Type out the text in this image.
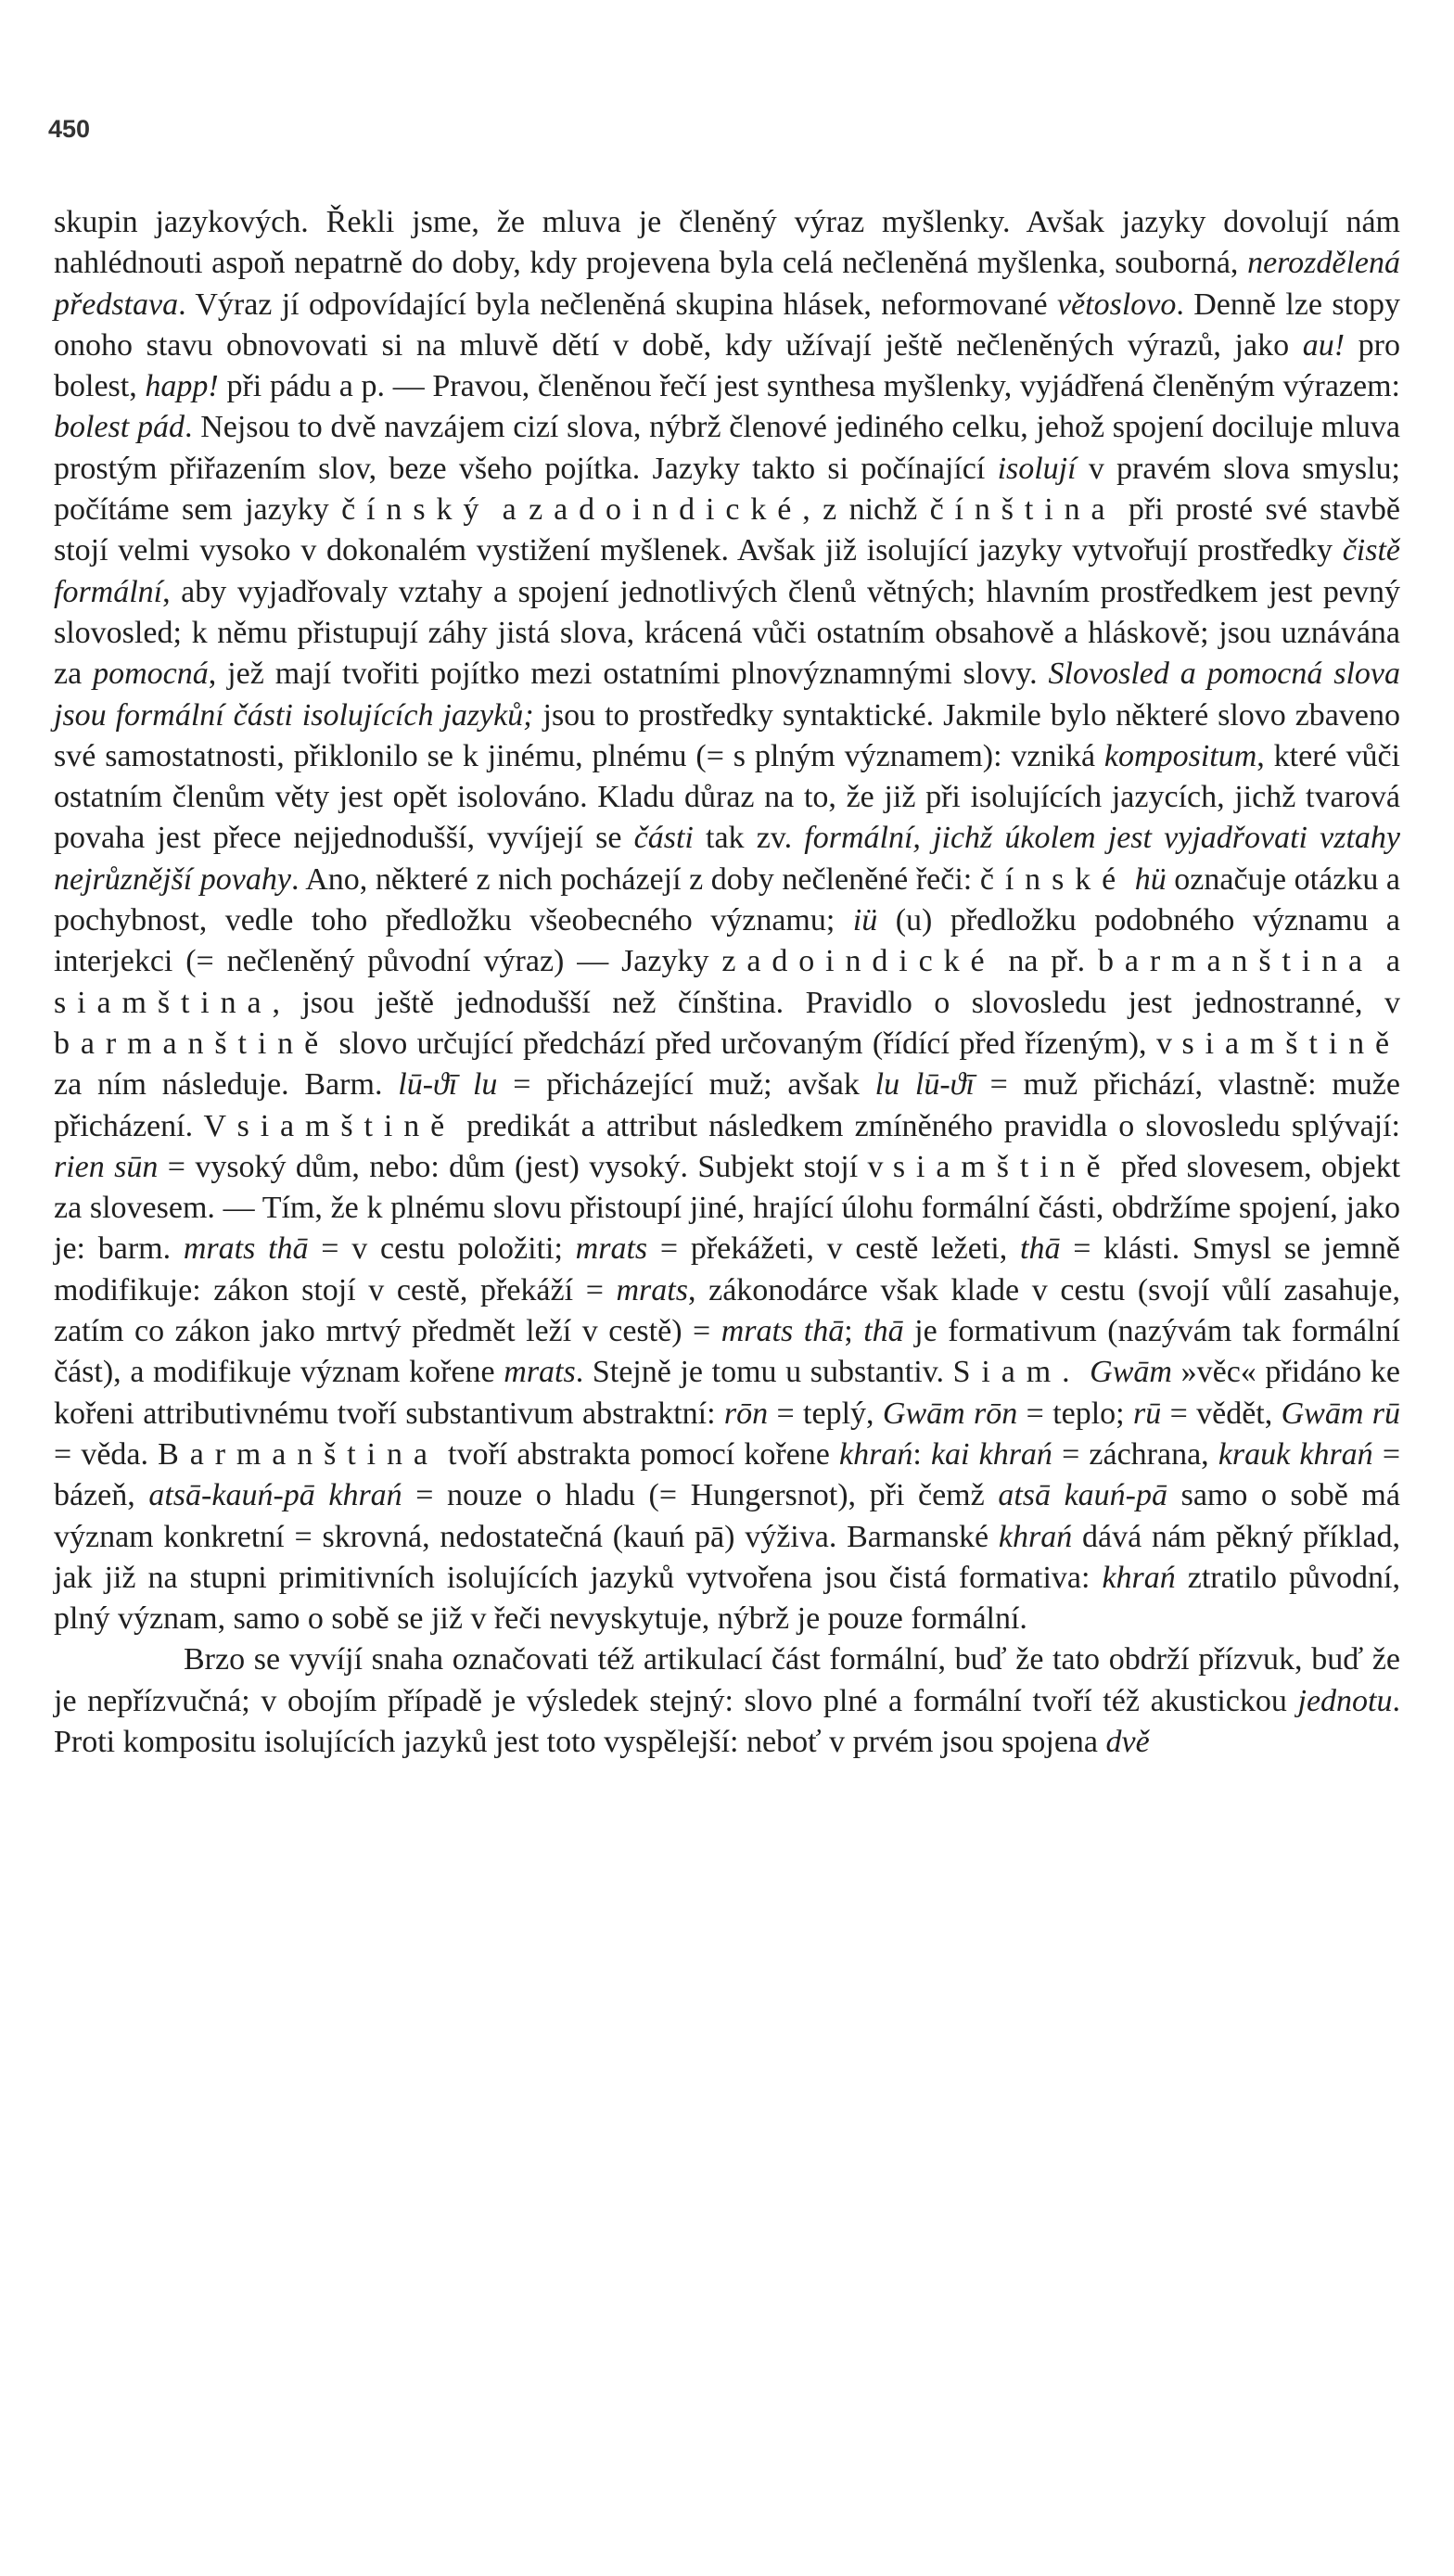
450

skupin jazykových. Řekli jsme, že mluva je členěný výraz myšlenky. Avšak jazyky dovolují nám nahlédnouti aspoň nepatrně do doby, kdy projevena byla celá nečleněná myšlenka, souborná, nerozdělená představa. Výraz jí odpovídající byla nečleněná skupina hlásek, neformované větoslovo. Denně lze stopy onoho stavu obnovovati si na mluvě dětí v době, kdy užívají ještě nečleněných výrazů, jako au! pro bolest, happ! při pádu a p. — Pravou, členěnou řečí jest synthesa myšlenky, vyjádřená členěným výrazem: bolest pád. Nejsou to dvě navzájem cizí slova, nýbrž členové jediného celku, jehož spojení dociluje mluva prostým přiřazením slov, beze všeho pojítka. Jazyky takto si počínající isolují v pravém slova smyslu; počítáme sem jazyky čínský a zadoindické, z nichž čínština při prosté své stavbě stojí velmi vysoko v dokonalém vystižení myšlenek. Avšak již isolující jazyky vytvořují prostředky čistě formální, aby vyjadřovaly vztahy a spojení jednotlivých členů větných; hlavním prostředkem jest pevný slovosled; k němu přistupují záhy jistá slova, krácená vůči ostatním obsahově a hláskově; jsou uznávána za pomocná, jež mají tvořiti pojítko mezi ostatními plnovýznamnými slovy. Slovosled a pomocná slova jsou formální části isolujících jazyků; jsou to prostředky syntaktické. Jakmile bylo některé slovo zbaveno své samostatnosti, přiklonilo se k jinému, plnému (= s plným významem): vzniká kompositum, které vůči ostatním členům věty jest opět isolováno. Kladu důraz na to, že již při isolujících jazycích, jichž tvarová povaha jest přece nejjednodušší, vyvíjejí se části tak zv. formální, jichž úkolem jest vyjadřovati vztahy nejrůznější povahy. Ano, některé z nich pocházejí z doby nečleněné řeči: čínské hü označuje otázku a pochybnost, vedle toho předložku všeobecného významu; iü (u) předložku podobného významu a interjekci (= nečleněný původní výraz) — Jazyky zadoindické na př. barmanština a siamština, jsou ještě jednodušší než čínština. Pravidlo o slovosledu jest jednostranné, v barmanštině slovo určující předchází před určovaným (řídící před řízeným), v siamštině za ním následuje. Barm. lū-ϑī lu = přicházející muž; avšak lu lū-ϑī = muž přichází, vlastně: muže přicházení. V siamštině predikát a attribut následkem zmíněného pravidla o slovosledu splývají: rien sūn = vysoký dům, nebo: dům (jest) vysoký. Subjekt stojí v siamštině před slovesem, objekt za slovesem. — Tím, že k plnému slovu přistoupí jiné, hrající úlohu formální části, obdržíme spojení, jako je: barm. mrats thā = v cestu položiti; mrats = překážeti, v cestě ležeti, thā = klásti. Smysl se jemně modifikuje: zákon stojí v cestě, překáží = mrats, zákonodárce však klade v cestu (svojí vůlí zasahuje, zatím co zákon jako mrtvý předmět leží v cestě) = mrats thā; thā je formativum (nazývám tak formální část), a modifikuje význam kořene mrats. Stejně je tomu u substantiv. Siam. Gwām »věc« přidáno ke kořeni attributivnému tvoří substantivum abstraktní: rōn = teplý, Gwām rōn = teplo; rū = vědět, Gwām rū = věda. Barmanština tvoří abstrakta pomocí kořene khrań: kai khrań = záchrana, krauk khrań = bázeň, atsā-kauń-pā khrań = nouze o hladu (= Hungersnot), při čemž atsā kauń-pā samo o sobě má význam konkretní = skrovná, nedostatečná (kauń pā) výživa. Barmanské khrań dává nám pěkný příklad, jak již na stupni primitivních isolujících jazyků vytvořena jsou čistá formativa: khrań ztratilo původní, plný význam, samo o sobě se již v řeči nevyskytuje, nýbrž je pouze formální.

Brzo se vyvíjí snaha označovati též artikulací část formální, buď že tato obdrží přízvuk, buď že je nepřízvučná; v obojím případě je výsledek stejný: slovo plné a formální tvoří též akustickou jednotu. Proti kompositu isolujících jazyků jest toto vyspělejší: neboť v prvém jsou spojena dvě
